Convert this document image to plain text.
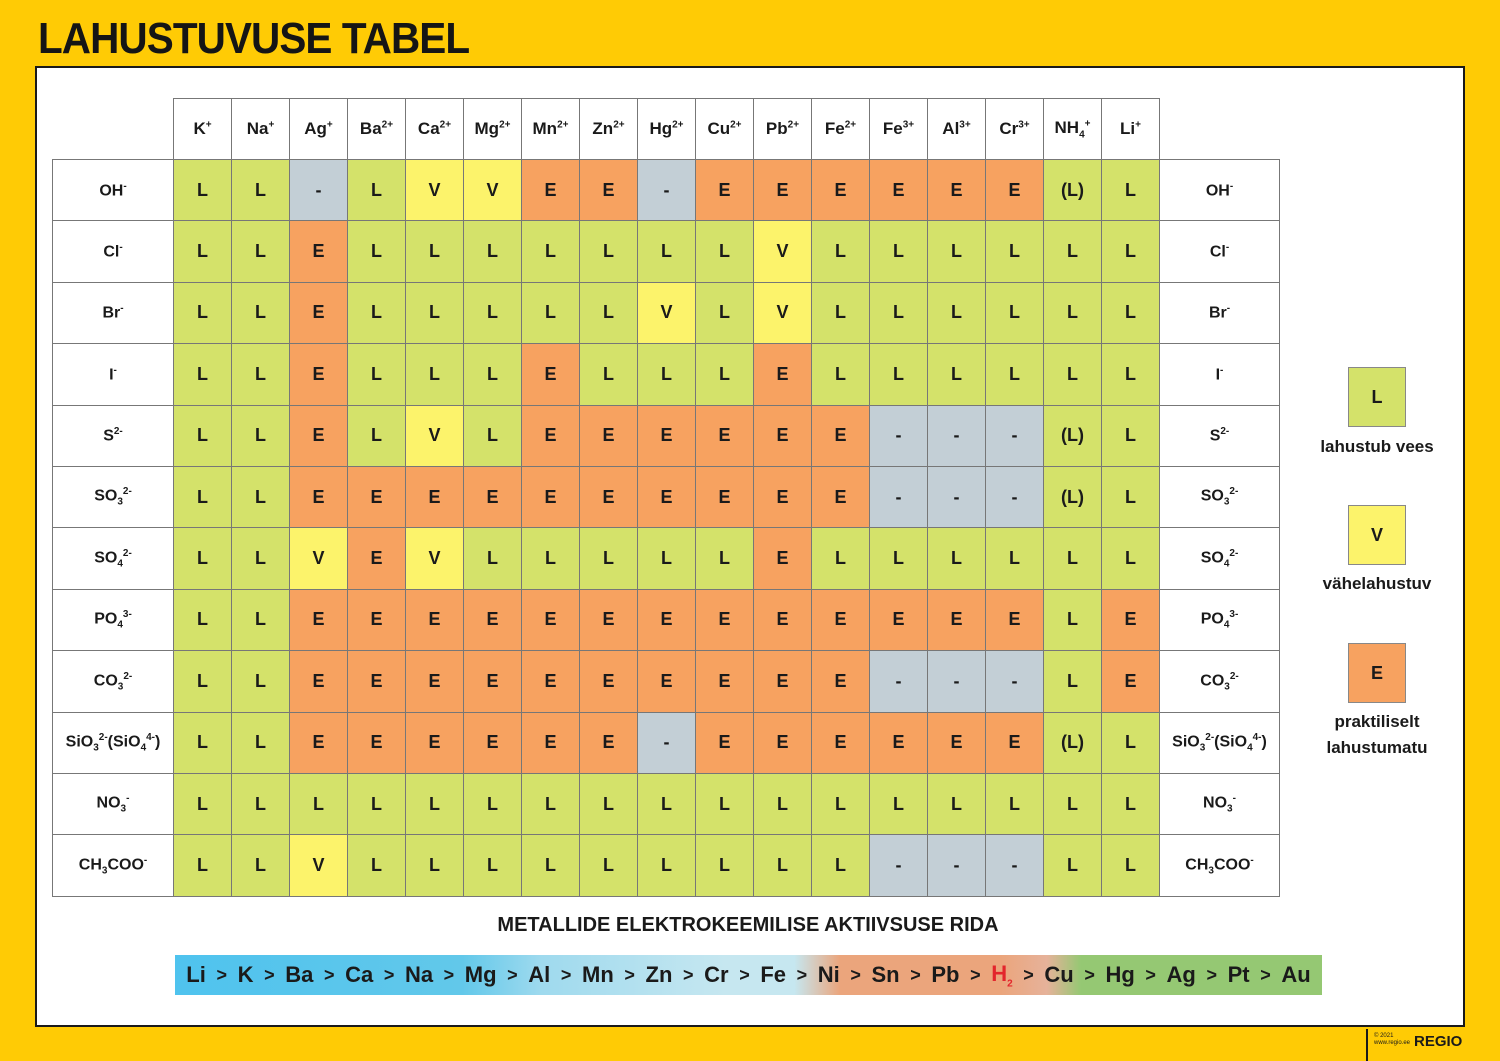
LAHUSTUVUSE TABEL
	K+	Na+	Ag+	$Ba^{2+}$	$Ca^{2+}$	$Mg^{2+}$	$Mn^{2+}$	$Zn^{2+}$	$Hg^{2+}$	$Cu^{2+}$	$Pb^{2+}$	$Fe^{2+}$	$Fe^{3+}$	$Al^{3+}$	$Cr^{3+}$	$NH_4^+$	Li+	
OH-	L	L	-	L	V	V	E	E	-	E	E	E	E	E	E	(L)	L	OH-
Cl-	L	L	E	L	L	L	L	L	L	L	V	L	L	L	L	L	L	Cl-
Br-	L	L	E	L	L	L	L	L	V	L	V	L	L	L	L	L	L	Br-
I-	L	L	E	L	L	L	E	L	L	L	E	L	L	L	L	L	L	I-
$S^{2-}$	L	L	E	L	V	L	E	E	E	E	E	E	-	-	-	(L)	L	$S^{2-}$
$SO_3^{2-}$	L	L	E	E	E	E	E	E	E	E	E	E	-	-	-	(L)	L	$SO_3^{2-}$
$SO_4^{2-}$	L	L	V	E	V	L	L	L	L	L	E	L	L	L	L	L	L	$SO_4^{2-}$
$PO_4^{3-}$	L	L	E	E	E	E	E	E	E	E	E	E	E	E	E	L	E	$PO_4^{3-}$
$CO_3^{2-}$	L	L	E	E	E	E	E	E	E	E	E	E	-	-	-	L	E	$CO_3^{2-}$
SiO$_3^{2-}$(SiO$_4^{4-}$)	L	L	E	E	E	E	E	E	-	E	E	E	E	E	E	(L)	L	SiO$_3^{2-}$(SiO$_4^{4-}$)
$NO_3^-$	L	L	L	L	L	L	L	L	L	L	L	L	L	L	L	L	L	$NO_3^-$
$CH_3COO^-$	L	L	V	L	L	L	L	L	L	L	L	L	-	-	-	L	L	$CH_3COO^-$
L
lahustub vees
V
vähelahustuv
E
praktiliselt lahustumatu
METALLIDE ELEKTROKEEMILISE AKTIIVSUSE RIDA
$Li > K > Ba > Ca > Na > Mg > Al > Mn > Zn > Cr > Fe > Ni > Sn > Pb > H_2 > Cu > Hg > Ag > Pt > Au$
© 2021
www.regio.ee REGIO
